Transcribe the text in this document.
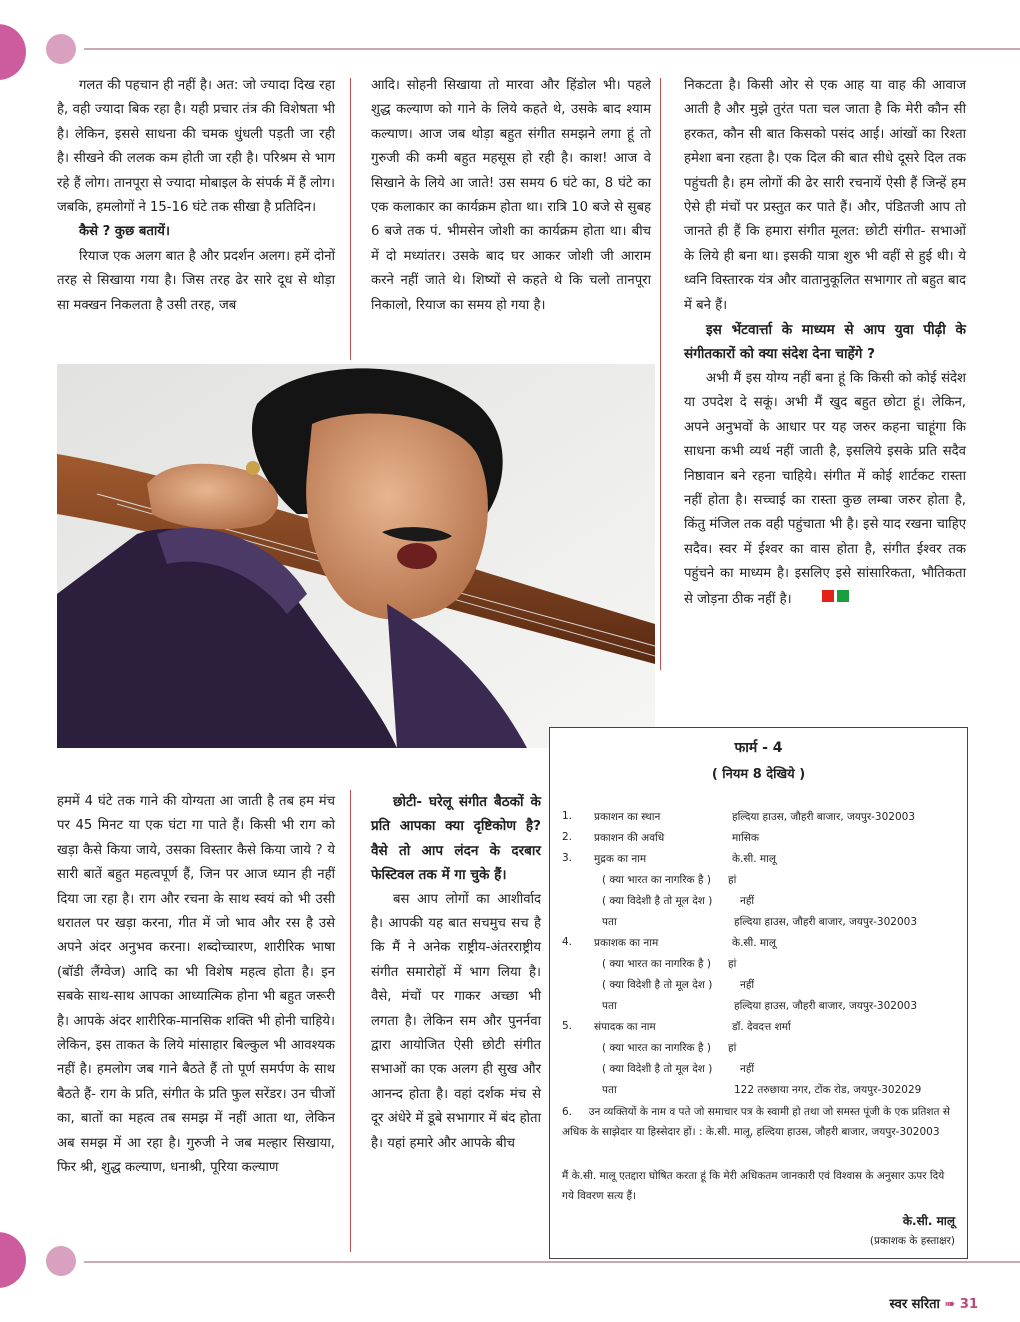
गलत की पहचान ही नहीं है। अत: जो ज्यादा दिख रहा है, वही ज्यादा बिक रहा है। यही प्रचार तंत्र की विशेषता भी है। लेकिन, इससे साधना की चमक धुंधली पड़ती जा रही है। सीखने की ललक कम होती जा रही है। परिश्रम से भाग रहे हैं लोग। तानपूरा से ज्यादा मोबाइल के संपर्क में हैं लोग। जबकि, हमलोगों ने 15-16 घंटे तक सीखा है प्रतिदिन।

कैसे ? कुछ बतायें।

रियाज एक अलग बात है और प्रदर्शन अलग। हमें दोनों तरह से सिखाया गया है। जिस तरह ढेर सारे दूध से थोड़ा सा मक्खन निकलता है उसी तरह, जब

आदि। सोहनी सिखाया तो मारवा और हिंडोल भी। पहले शुद्ध कल्याण को गाने के लिये कहते थे, उसके बाद श्याम कल्याण। आज जब थोड़ा बहुत संगीत समझने लगा हूं तो गुरुजी की कमी बहुत महसूस हो रही है। काश! आज वे सिखाने के लिये आ जाते! उस समय 6 घंटे का, 8 घंटे का एक कलाकार का कार्यक्रम होता था। रात्रि 10 बजे से सुबह 6 बजे तक पं. भीमसेन जोशी का कार्यक्रम होता था। बीच में दो मध्यांतर। उसके बाद घर आकर जोशी जी आराम करने नहीं जाते थे। शिष्यों से कहते थे कि चलो तानपूरा निकालो, रियाज का समय हो गया है।

निकटता है। किसी ओर से एक आह या वाह की आवाज आती है और मुझे तुरंत पता चल जाता है कि मेरी कौन सी हरकत, कौन सी बात किसको पसंद आई। आंखों का रिश्ता हमेशा बना रहता है। एक दिल की बात सीधे दूसरे दिल तक पहुंचती है। हम लोगों की ढेर सारी रचनायें ऐसी हैं जिन्हें हम ऐसे ही मंचों पर प्रस्तुत कर पाते हैं। और, पंडितजी आप तो जानते ही हैं कि हमारा संगीत मूलत: छोटी संगीत- सभाओं के लिये ही बना था। इसकी यात्रा शुरु भी वहीं से हुई थी। ये ध्वनि विस्तारक यंत्र और वातानुकूलित सभागार तो बहुत बाद में बने हैं।

इस भेंटवार्त्ता के माध्यम से आप युवा पीढ़ी के संगीतकारों को क्या संदेश देना चाहेंगे ?

अभी मैं इस योग्य नहीं बना हूं कि किसी को कोई संदेश या उपदेश दे सकूं। अभी मैं खुद बहुत छोटा हूं। लेकिन, अपने अनुभवों के आधार पर यह जरुर कहना चाहूंगा कि साधना कभी व्यर्थ नहीं जाती है, इसलिये इसके प्रति सदैव निष्ठावान बने रहना चाहिये। संगीत में कोई शार्टकट रास्ता नहीं होता है। सच्चाई का रास्ता कुछ लम्बा जरुर होता है, किंतु मंजिल तक वही पहुंचाता भी है। इसे याद रखना चाहिए सदैव। स्वर में ईश्वर का वास होता है, संगीत ईश्वर तक पहुंचने का माध्यम है। इसलिए इसे सांसारिकता, भौतिकता से जोड़ना ठीक नहीं है।

हममें 4 घंटे तक गाने की योग्यता आ जाती है तब हम मंच पर 45 मिनट या एक घंटा गा पाते हैं। किसी भी राग को खड़ा कैसे किया जाये, उसका विस्तार कैसे किया जाये ? ये सारी बातें बहुत महत्वपूर्ण हैं, जिन पर आज ध्यान ही नहीं दिया जा रहा है। राग और रचना के साथ स्वयं को भी उसी धरातल पर खड़ा करना, गीत में जो भाव और रस है उसे अपने अंदर अनुभव करना। शब्दोच्चारण, शारीरिक भाषा (बॉडी लैंग्वेज) आदि का भी विशेष महत्व होता है। इन सबके साथ-साथ आपका आध्यात्मिक होना भी बहुत जरूरी है। आपके अंदर शारीरिक-मानसिक शक्ति भी होनी चाहिये। लेकिन, इस ताकत के लिये मांसाहार बिल्कुल भी आवश्यक नहीं है। हमलोग जब गाने बैठते हैं तो पूर्ण समर्पण के साथ बैठते हैं- राग के प्रति, संगीत के प्रति फुल सरेंडर। उन चीजों का, बातों का महत्व तब समझ में नहीं आता था, लेकिन अब समझ में आ रहा है। गुरुजी ने जब मल्हार सिखाया, फिर श्री, शुद्ध कल्याण, धनाश्री, पूरिया कल्याण

छोटी- घरेलू संगीत बैठकों के प्रति आपका क्या दृष्टिकोण है? वैसे तो आप लंदन के दरबार फेस्टिवल तक में गा चुके हैं।

बस आप लोगों का आशीर्वाद है। आपकी यह बात सचमुच सच है कि मैं ने अनेक राष्ट्रीय-अंतरराष्ट्रीय संगीत समारोहों में भाग लिया है। वैसे, मंचों पर गाकर अच्छा भी लगता है। लेकिन सम और पुनर्नवा द्वारा आयोजित ऐसी छोटी संगीत सभाओं का एक अलग ही सुख और आनन्द होता है। वहां दर्शक मंच से दूर अंधेरे में डूबे सभागार में बंद होता है। यहां हमारे और आपके बीच

फार्म - 4
( नियम 8 देखिये )
1. प्रकाशन का स्थान	हल्दिया हाउस, जौहरी बाजार, जयपुर-302003
2. प्रकाशन की अवधि	मासिक
3. मुद्रक का नाम	के.सी. मालू
( क्या भारत का नागरिक है ) हां
( क्या विदेशी है तो मूल देश )	नहीं
पता	हल्दिया हाउस, जौहरी बाजार, जयपुर-302003
4. प्रकाशक का नाम	के.सी. मालू
( क्या भारत का नागरिक है ) हां
( क्या विदेशी है तो मूल देश )	नहीं
पता	हल्दिया हाउस, जौहरी बाजार, जयपुर-302003
5. संपादक का नाम	डॉ. देवदत्त शर्मा
( क्या भारत का नागरिक है ) हां
( क्या विदेशी है तो मूल देश )	नहीं
पता	122 तरुछाया नगर, टोंक रोड, जयपुर-302029
6. उन व्यक्तियों के नाम व पते जो समाचार पत्र के स्वामी हो तथा जो समस्त पूंजी के एक प्रतिशत से अधिक के साझेदार या हिस्सेदार हों। : के.सी. मालू, हल्दिया हाउस, जौहरी बाजार, जयपुर-302003
मैं के.सी. मालू एतद्दारा घोषित करता हूं कि मेरी अधिकतम जानकारी एवं विश्वास के अनुसार ऊपर दिये गये विवरण सत्य हैं।
के.सी. मालू
(प्रकाशक के हस्ताक्षर)
स्वर सरिता ➠ 31
